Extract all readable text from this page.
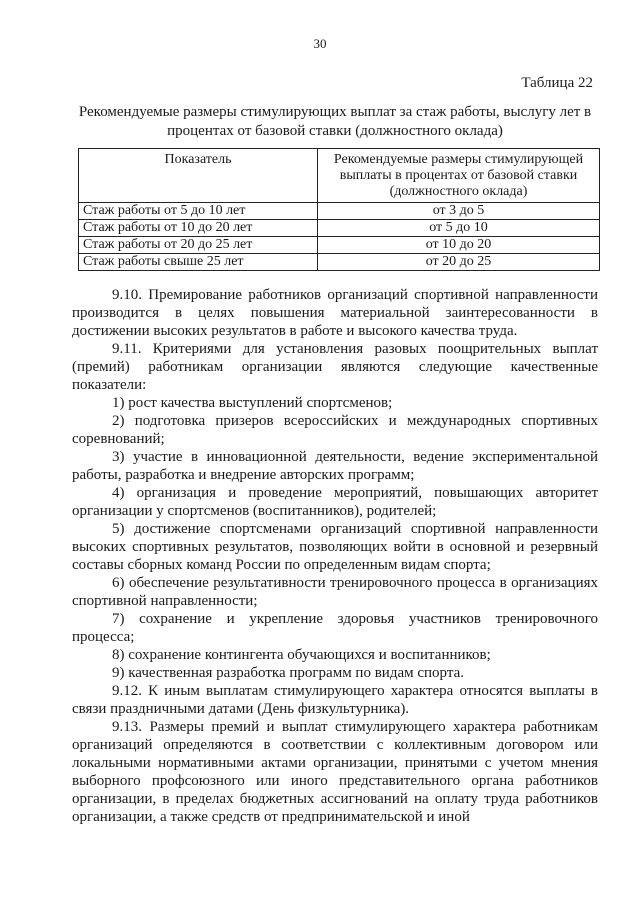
30
Таблица 22
Рекомендуемые размеры стимулирующих выплат за стаж работы, выслугу лет в процентах от базовой ставки (должностного оклада)
Показатель	Рекомендуемые размеры стимулирующей выплаты в процентах от базовой ставки (должностного оклада)
Стаж работы от 5 до 10 лет	от 3 до 5
Стаж работы от 10 до 20 лет	от 5 до 10
Стаж работы от 20 до 25 лет	от 10 до 20
Стаж работы свыше 25 лет	от 20 до 25

9.10. Премирование работников организаций спортивной направленности производится в целях повышения материальной заинтересованности в достижении высоких результатов в работе и высокого качества труда.

9.11. Критериями для установления разовых поощрительных выплат (премий) работникам организации являются следующие качественные показатели:

1) рост качества выступлений спортсменов;

2) подготовка призеров всероссийских и международных спортивных соревнований;

3) участие в инновационной деятельности, ведение экспериментальной работы, разработка и внедрение авторских программ;

4) организация и проведение мероприятий, повышающих авторитет организации у спортсменов (воспитанников), родителей;

5) достижение спортсменами организаций спортивной направленности высоких спортивных результатов, позволяющих войти в основной и резервный составы сборных команд России по определенным видам спорта;

6) обеспечение результативности тренировочного процесса в организациях спортивной направленности;

7) сохранение и укрепление здоровья участников тренировочного процесса;

8) сохранение контингента обучающихся и воспитанников;

9) качественная разработка программ по видам спорта.

9.12. К иным выплатам стимулирующего характера относятся выплаты в связи праздничными датами (День физкультурника).

9.13. Размеры премий и выплат стимулирующего характера работникам организаций определяются в соответствии с коллективным договором или локальными нормативными актами организации, принятыми с учетом мнения выборного профсоюзного или иного представительного органа работников организации, в пределах бюджетных ассигнований на оплату труда работников организации, а также средств от предпринимательской и иной
